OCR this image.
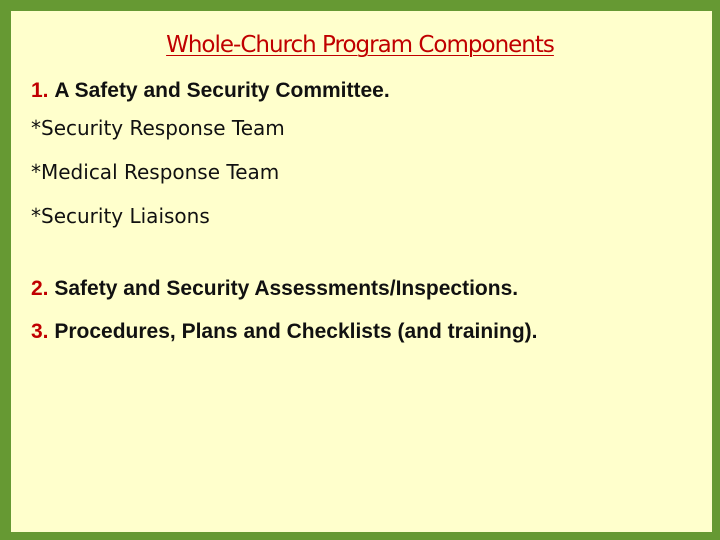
Whole-Church Program Components
1. A Safety and Security Committee.
*Security Response Team
*Medical Response Team
*Security Liaisons
2. Safety and Security Assessments/Inspections.
3. Procedures, Plans and Checklists (and training).
